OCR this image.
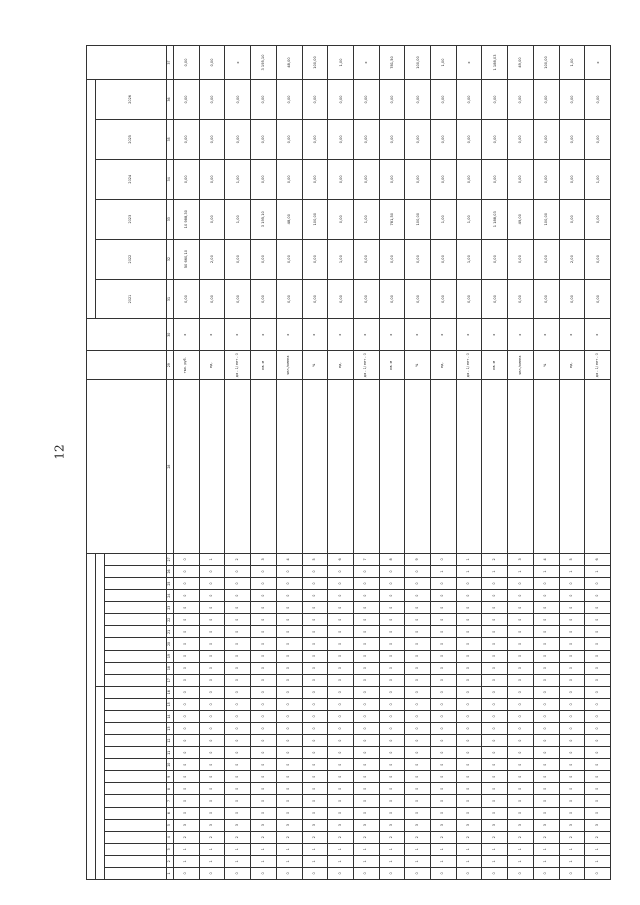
12

																														2021	2022	2023	2024	2025	2026	

1	2	3	4	5	6	7	8	9	10	11	12	13	14	15	16	17	18	19	20	21	22	23	24	25	26	27	28	29	30	31	32	33	34	35	36	37
0	1	1	2	3	0	0	0	0	0	0	0	0	0	0	0	0	0	0	0	0	0	0	0	0	0	0		тыс. руб.	х	0,00	50 660,10	10 988,30	0,00	0,00	0,00	0,00
0	1	1	2	3	0	0	0	0	0	0	0	0	0	0	0	0	0	0	0	0	0	0	0	0	0	1		ед.	х	0,00	2,00	0,00	0,00	0,00	0,00	0,00
0	1	1	2	3	0	0	0	0	0	0	0	0	0	0	0	0	0	0	0	0	0	0	0	0	0	2		да - 1/ нет - 0	х	0,00	0,00	1,00	1,00	0,00	0,00	х
0	1	1	2	3	0	0	0	0	0	0	0	0	0	0	0	0	0	0	0	0	0	0	0	0	0	3		кв. м	х	0,00	0,00	3 195,10	0,00	0,00	0,00	3 195,10
0	1	1	2	3	0	0	0	0	0	0	0	0	0	0	0	0	0	0	0	0	0	0	0	0	0	4		чел./смена	х	0,00	0,00	48,00	0,00	0,00	0,00	48,00
0	1	1	2	3	0	0	0	0	0	0	0	0	0	0	0	0	0	0	0	0	0	0	0	0	0	5		%	х	0,00	0,00	100,00	0,00	0,00	0,00	100,00
0	1	1	2	3	0	0	0	0	0	0	0	0	0	0	0	0	0	0	0	0	0	0	0	0	0	6		ед.	х	0,00	1,00	0,00	0,00	0,00	0,00	1,00
0	1	1	2	3	0	0	0	0	0	0	0	0	0	0	0	0	0	0	0	0	0	0	0	0	0	7		да - 1/ нет - 0	х	0,00	0,00	1,00	0,00	0,00	0,00	х
0	1	1	2	3	0	0	0	0	0	0	0	0	0	0	0	0	0	0	0	0	0	0	0	0	0	8		кв. м	х	0,00	0,00	781,50	0,00	0,00	0,00	781,50
0	1	1	2	3	0	0	0	0	0	0	0	0	0	0	0	0	0	0	0	0	0	0	0	0	0	9		%	х	0,00	0,00	100,00	0,00	0,00	0,00	100,00
0	1	1	2	3	0	0	0	0	0	0	0	0	0	0	0	0	0	0	0	0	0	0	0	0	1	0		ед.	х	0,00	0,00	1,00	0,00	0,00	0,00	1,00
0	1	1	2	3	0	0	0	0	0	0	0	0	0	0	0	0	0	0	0	0	0	0	0	0	1	1		да - 1/ нет - 0	х	0,00	1,00	1,00	0,00	0,00	0,00	х
0	1	1	2	3	0	0	0	0	0	0	0	0	0	0	0	0	0	0	0	0	0	0	0	0	1	2		кв. м	х	0,00	0,00	1 188,03	0,00	0,00	0,00	1 188,03
0	1	1	2	3	0	0	0	0	0	0	0	0	0	0	0	0	0	0	0	0	0	0	0	0	1	3		чел./смена	х	0,00	0,00	49,00	0,00	0,00	0,00	49,00
0	1	1	2	3	0	0	0	0	0	0	0	0	0	0	0	0	0	0	0	0	0	0	0	0	1	4		%	х	0,00	0,00	100,00	0,00	0,00	0,00	100,00
0	1	1	2	3	0	0	0	0	0	0	0	0	0	0	0	0	0	0	0	0	0	0	0	0	1	5		ед.	х	0,00	2,00	0,00	0,00	0,00	0,00	1,00
0	1	1	2	3	0	0	0	0	0	0	0	0	0	0	0	0	0	0	0	0	0	0	0	0	1	6		да - 1/ нет - 0	х	0,00	0,00	0,00	1,00	0,00	0,00	х
